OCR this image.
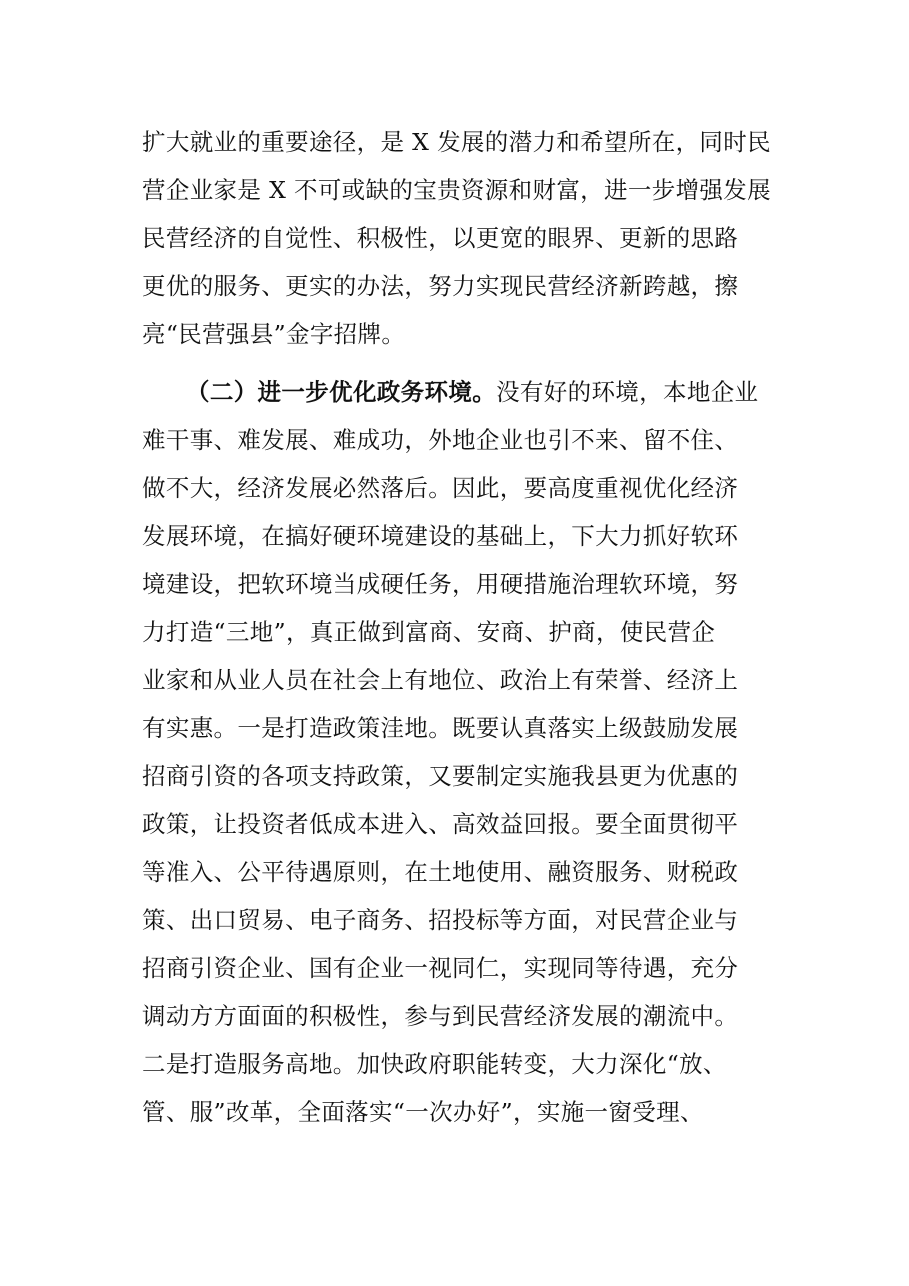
扩大就业的重要途径，是 X 发展的潜力和希望所在，同时民
营企业家是 X 不可或缺的宝贵资源和财富，进一步增强发展
民营经济的自觉性、积极性，以更宽的眼界、更新的思路
更优的服务、更实的办法，努力实现民营经济新跨越，擦
亮“民营强县”金字招牌。
（二）进一步优化政务环境。没有好的环境，本地企业
难干事、难发展、难成功，外地企业也引不来、留不住、
做不大，经济发展必然落后。因此，要高度重视优化经济
发展环境，在搞好硬环境建设的基础上，下大力抓好软环
境建设，把软环境当成硬任务，用硬措施治理软环境，努
力打造“三地”，真正做到富商、安商、护商，使民营企
业家和从业人员在社会上有地位、政治上有荣誉、经济上
有实惠。一是打造政策洼地。既要认真落实上级鼓励发展
招商引资的各项支持政策，又要制定实施我县更为优惠的
政策，让投资者低成本进入、高效益回报。要全面贯彻平
等准入、公平待遇原则，在土地使用、融资服务、财税政
策、出口贸易、电子商务、招投标等方面，对民营企业与
招商引资企业、国有企业一视同仁，实现同等待遇，充分
调动方方面面的积极性，参与到民营经济发展的潮流中。
二是打造服务高地。加快政府职能转变，大力深化“放、
管、服”改革，全面落实“一次办好”，实施一窗受理、
